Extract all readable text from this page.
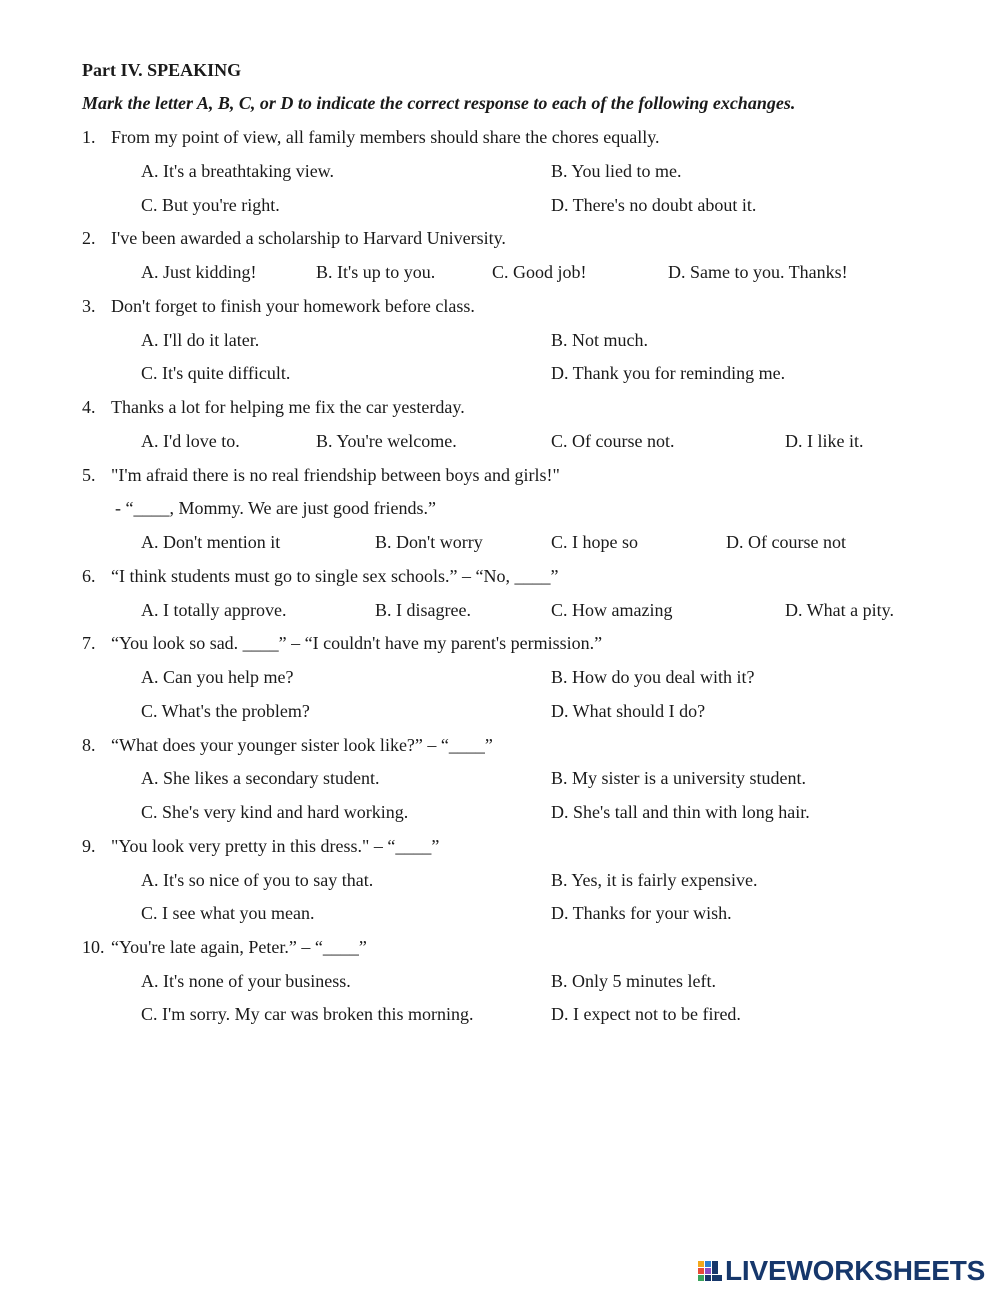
Part IV. SPEAKING
Mark the letter A, B, C, or D to indicate the correct response to each of the following exchanges.
1. From my point of view, all family members should share the chores equally.
A. It's a breathtaking view.	B. You lied to me.
C. But you're right.	D. There's no doubt about it.
2. I've been awarded a scholarship to Harvard University.
A. Just kidding!	B. It's up to you.	C. Good job!	D. Same to you. Thanks!
3. Don't forget to finish your homework before class.
A. I'll do it later.	B. Not much.
C. It's quite difficult.	D. Thank you for reminding me.
4. Thanks a lot for helping me fix the car yesterday.
A. I'd love to.	B. You're welcome.	C. Of course not.	D. I like it.
5. "I'm afraid there is no real friendship between boys and girls!"
- “____, Mommy. We are just good friends.”
A. Don't mention it	B. Don't worry	C. I hope so	D. Of course not
6. “I think students must go to single sex schools.” – “No, ____”
A. I totally approve.	B. I disagree.	C. How amazing	D. What a pity.
7. “You look so sad. ____” – “I couldn't have my parent's permission.”
A. Can you help me?	B. How do you deal with it?
C. What's the problem?	D. What should I do?
8. “What does your younger sister look like?” – “____”
A. She likes a secondary student.	B. My sister is a university student.
C. She's very kind and hard working.	D. She's tall and thin with long hair.
9. "You look very pretty in this dress." – “____”
A. It's so nice of you to say that.	B. Yes, it is fairly expensive.
C. I see what you mean.	D. Thanks for your wish.
10. “You're late again, Peter.” – “____”
A. It's none of your business.	B. Only 5 minutes left.
C. I'm sorry. My car was broken this morning.	D. I expect not to be fired.
LIVEWORKSHEETS
